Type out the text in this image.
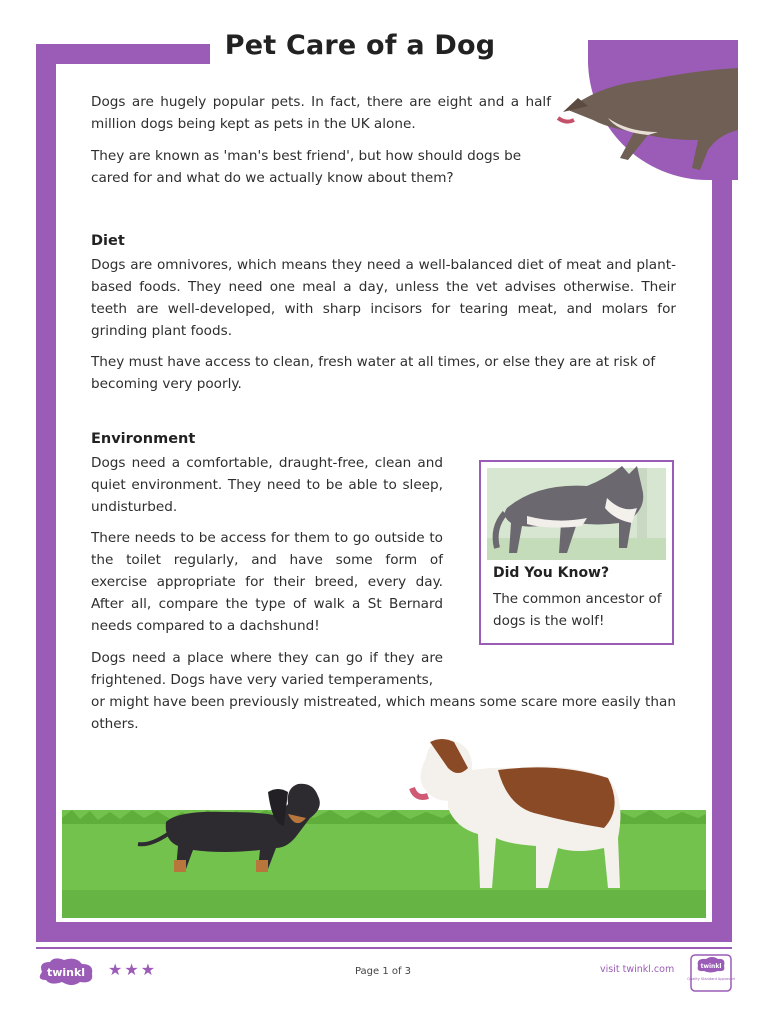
Pet Care of a Dog

Dogs are hugely popular pets. In fact, there are eight and a half million dogs being kept as pets in the UK alone.

They are known as 'man's best friend', but how should dogs be cared for and what do we actually know about them?

Diet

Dogs are omnivores, which means they need a well-balanced diet of meat and plant-based foods. They need one meal a day, unless the vet advises otherwise. Their teeth are well-developed, with sharp incisors for tearing meat, and molars for grinding plant foods.

They must have access to clean, fresh water at all times, or else they are at risk of becoming very poorly.

Environment

Dogs need a comfortable, draught-free, clean and quiet environment. They need to be able to sleep, undisturbed.

There needs to be access for them to go outside to the toilet regularly, and have some form of exercise appropriate for their breed, every day. After all, compare the type of walk a St Bernard needs compared to a dachshund!

Dogs need a place where they can go if they are frightened. Dogs have very varied temperaments,

or might have been previously mistreated, which means some scare more easily than others.

Did You Know?

The common ancestor of dogs is the wolf!

twinkl ★★★	Page 1 of 3	visit twinkl.com	twinkl
Quality Standard Approved
